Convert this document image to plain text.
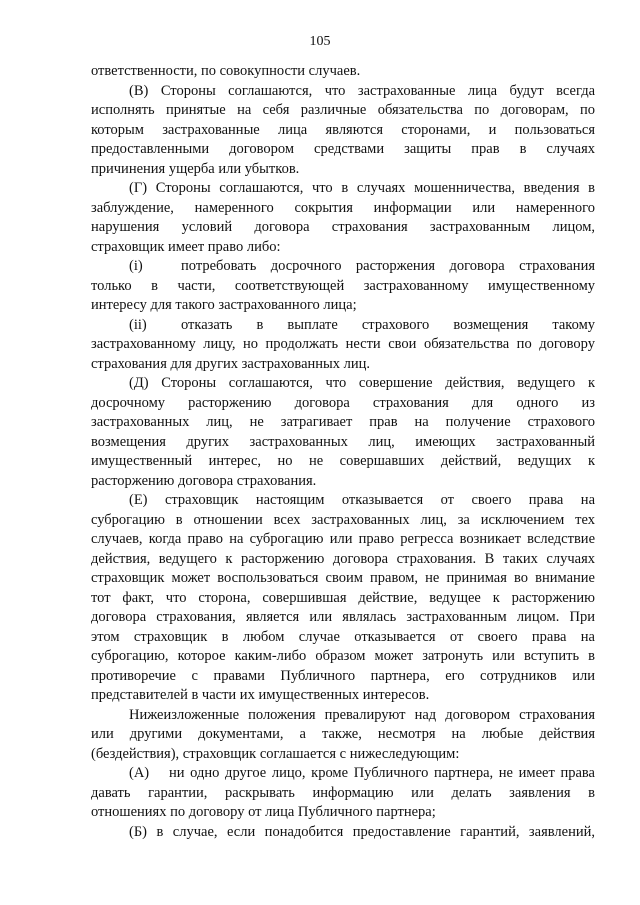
105
ответственности, по совокупности случаев.
(В) Стороны соглашаются, что застрахованные лица будут всегда
исполнять принятые на себя различные обязательства по договорам, по
которым застрахованные лица являются сторонами, и пользоваться
предоставленными договором средствами защиты прав в случаях
причинения ущерба или убытков.
(Г) Стороны соглашаются, что в случаях мошенничества, введения в
заблуждение, намеренного сокрытия информации или намеренного
нарушения условий договора страхования застрахованным лицом,
страховщик имеет право либо:
(i)	потребовать досрочного расторжения договора страхования
только в части, соответствующей застрахованному имущественному
интересу для такого застрахованного лица;
(ii) отказать в выплате страхового возмещения такому
застрахованному лицу, но продолжать нести свои обязательства по договору
страхования для других застрахованных лиц.
(Д) Стороны соглашаются, что совершение действия, ведущего к
досрочному расторжению договора страхования для одного из
застрахованных лиц, не затрагивает прав на получение страхового
возмещения других застрахованных лиц, имеющих застрахованный
имущественный интерес, но не совершавших действий, ведущих к
расторжению договора страхования.
(Е) страховщик настоящим отказывается от своего права на
суброгацию в отношении всех застрахованных лиц, за исключением тех
случаев, когда право на суброгацию или право регресса возникает вследствие
действия, ведущего к расторжению договора страхования. В таких случаях
страховщик может воспользоваться своим правом, не принимая во внимание
тот факт, что сторона, совершившая действие, ведущее к расторжению
договора страхования, является или являлась застрахованным лицом. При
этом страховщик в любом случае отказывается от своего права на
суброгацию, которое каким-либо образом может затронуть или вступить в
противоречие с правами Публичного партнера, его сотрудников или
представителей в части их имущественных интересов.
Нижеизложенные положения превалируют над договором страхования
или другими документами, а также, несмотря на любые действия
(бездействия), страховщик соглашается с нижеследующим:
(А) ни одно другое лицо, кроме Публичного партнера, не имеет права
давать гарантии, раскрывать информацию или делать заявления в
отношениях по договору от лица Публичного партнера;
(Б) в случае, если понадобится предоставление гарантий, заявлений,
